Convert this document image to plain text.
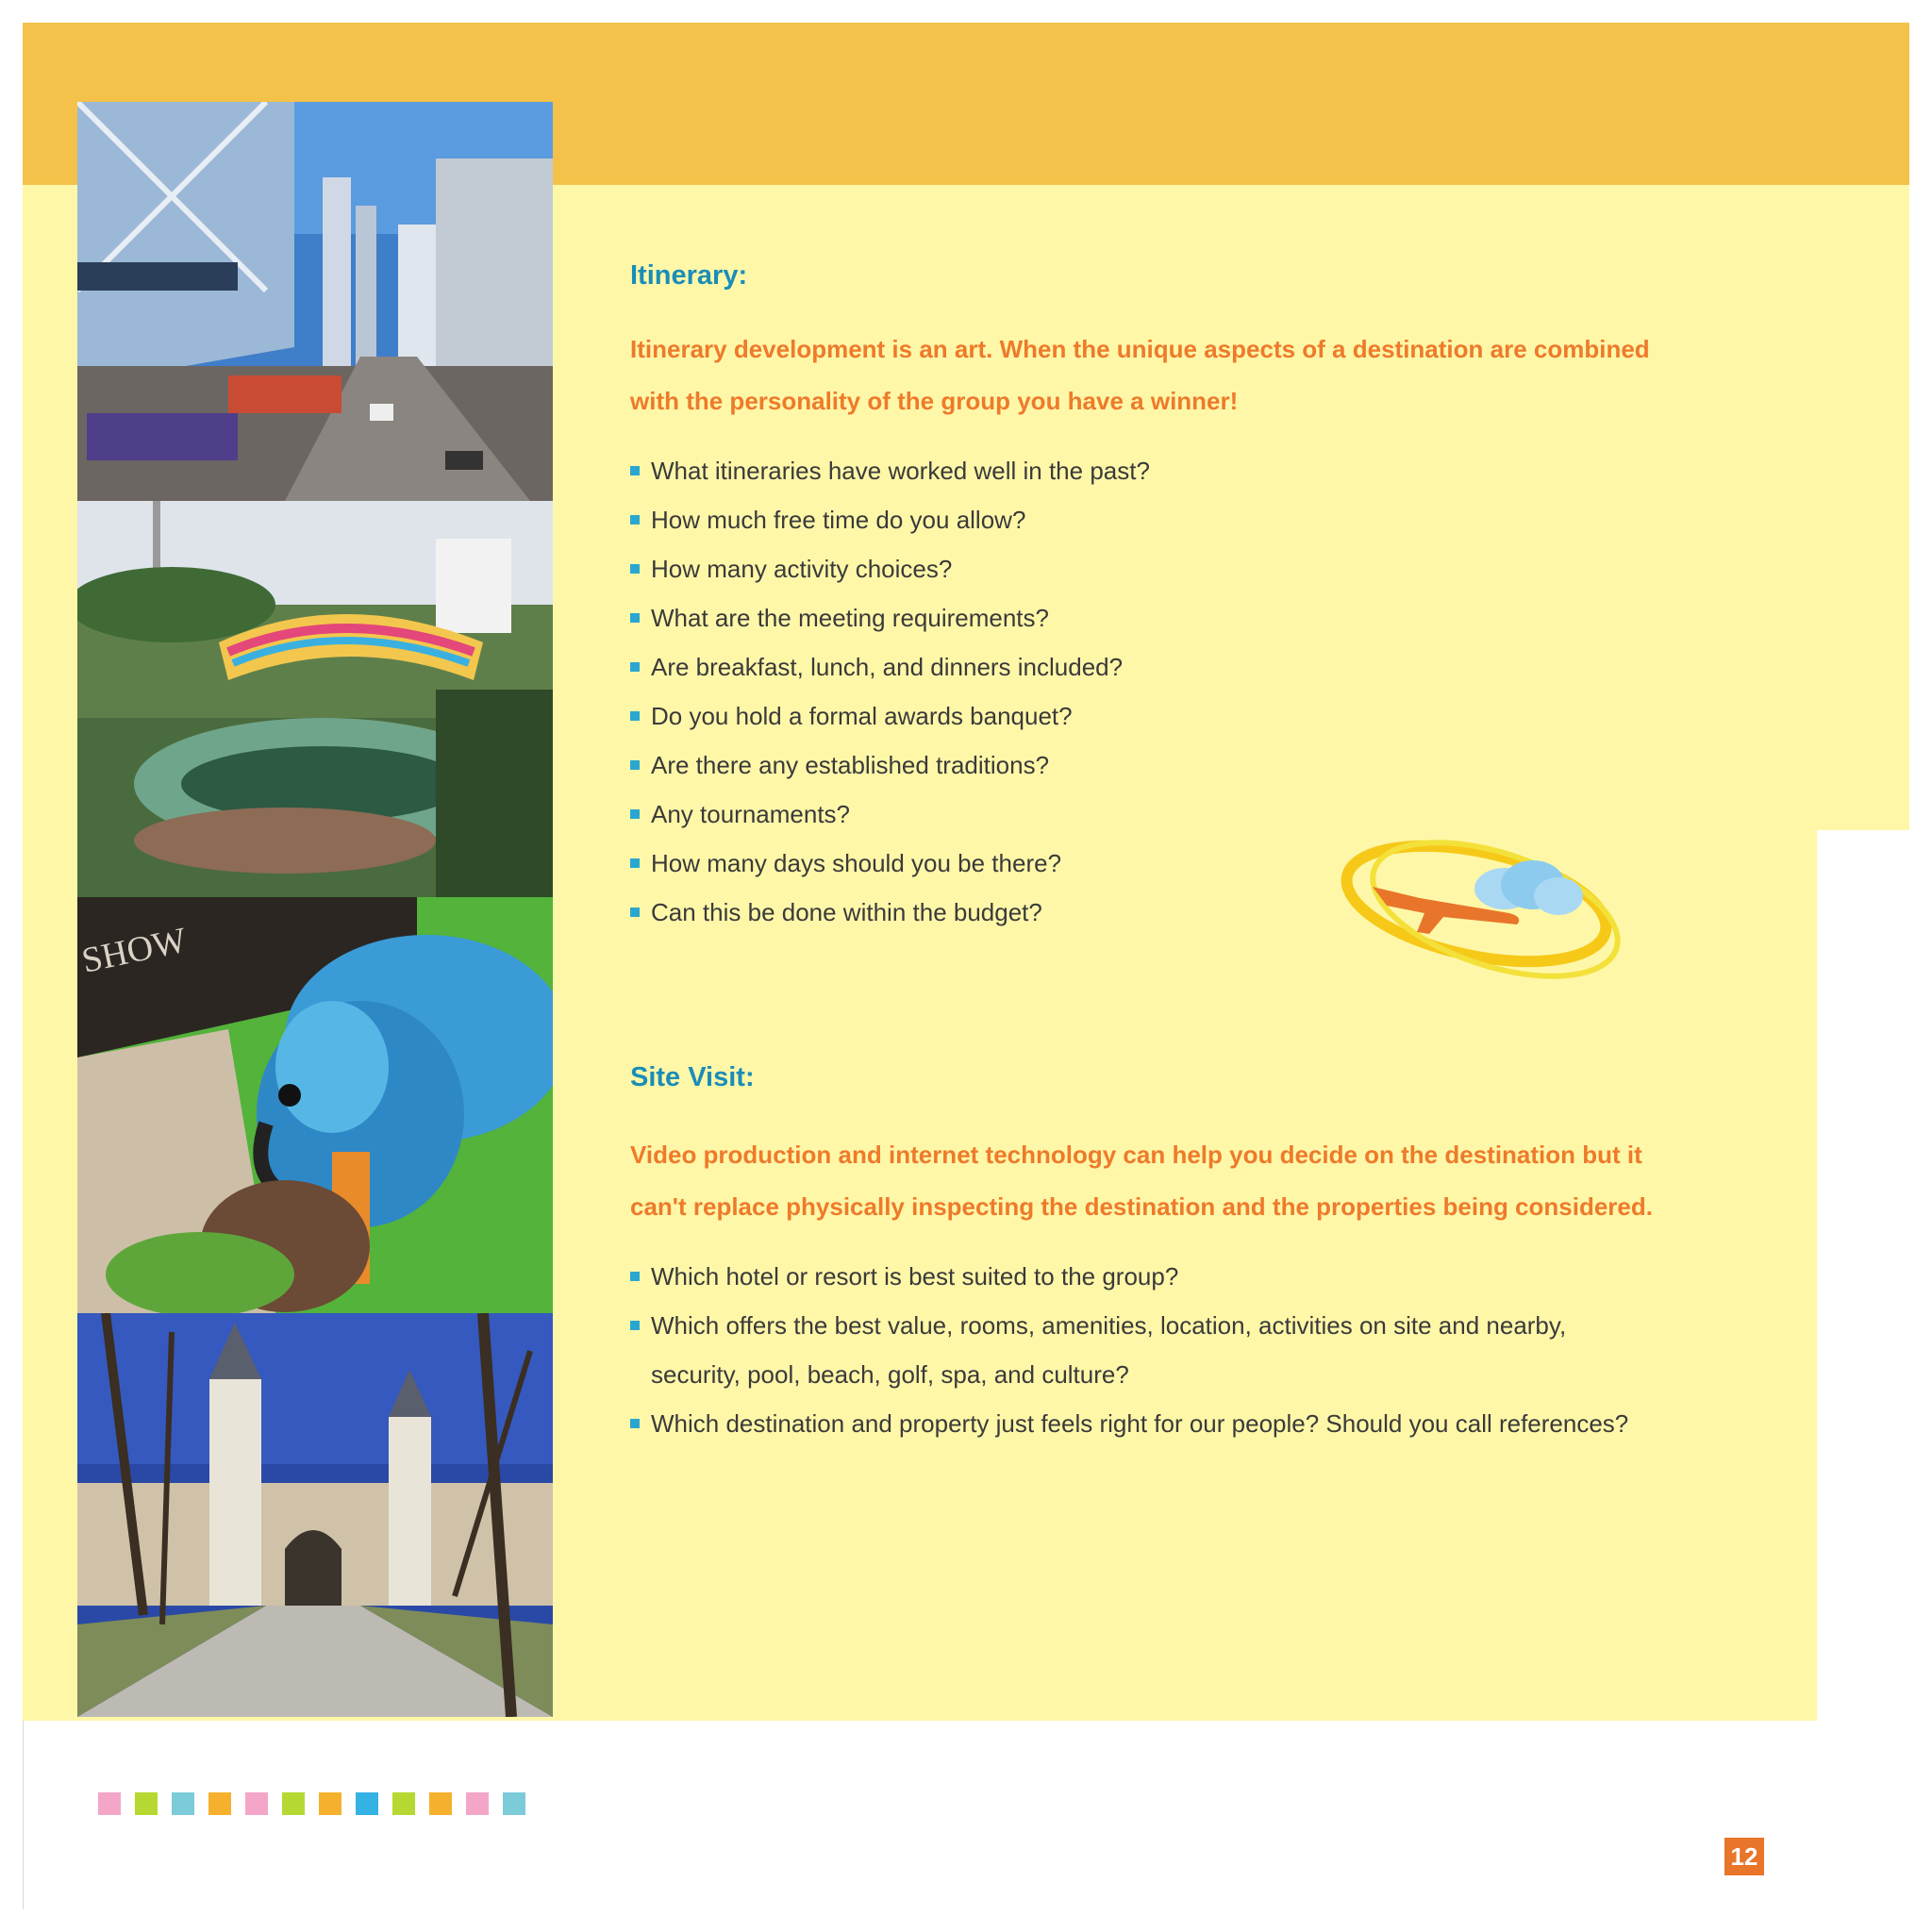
SHOW
Itinerary:

Itinerary development is an art. When the unique aspects of a destination are combined
with the personality of the group you have a winner!

What itineraries have worked well in the past?
How much free time do you allow?
How many activity choices?
What are the meeting requirements?
Are breakfast, lunch, and dinners included?
Do you hold a formal awards banquet?
Are there any established traditions?
Any tournaments?
How many days should you be there?
Can this be done within the budget?
Site Visit:

Video production and internet technology can help you decide on the destination but it
can't replace physically inspecting the destination and the properties being considered.

Which hotel or resort is best suited to the group?
Which offers the best value, rooms, amenities, location, activities on site and nearby,
security, pool, beach, golf, spa, and culture?
Which destination and property just feels right for our people? Should you call references?
12
